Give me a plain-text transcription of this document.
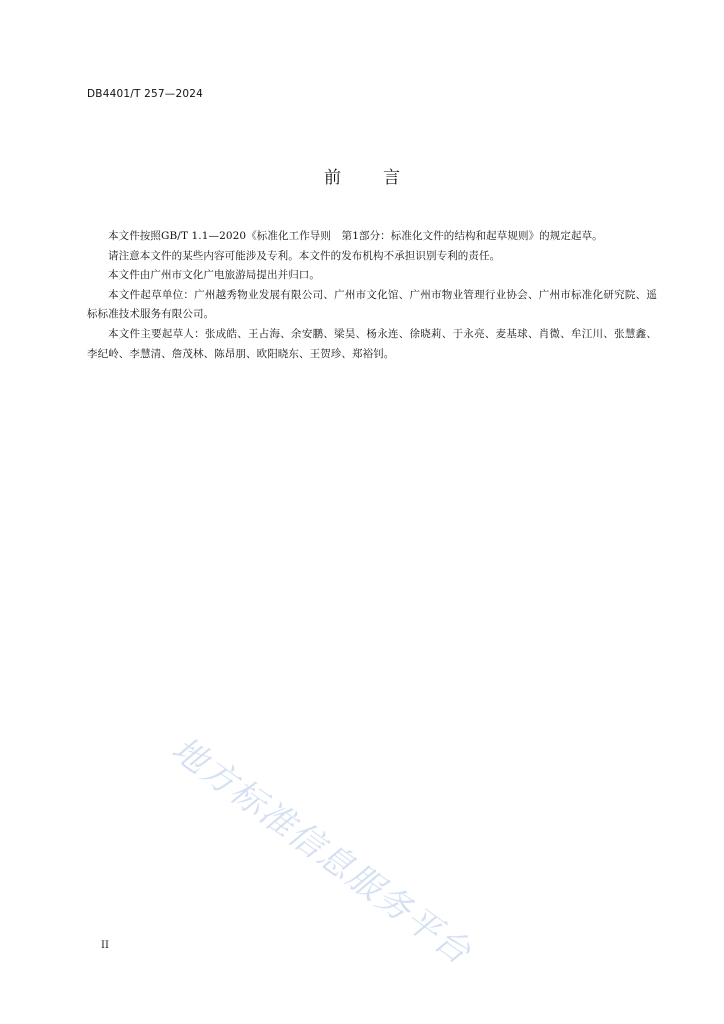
DB4401/T 257—2024
前 言

本文件按照GB/T 1.1—2020《标准化工作导则　第1部分：标准化文件的结构和起草规则》的规定起草。

请注意本文件的某些内容可能涉及专利。本文件的发布机构不承担识别专利的责任。

本文件由广州市文化广电旅游局提出并归口。

本文件起草单位：广州越秀物业发展有限公司、广州市文化馆、广州市物业管理行业协会、广州市标准化研究院、遥标标准技术服务有限公司。

本文件主要起草人：张成皓、王占海、余安鹏、梁昊、杨永连、徐晓莉、于永亮、麦基球、肖微、牟江川、张慧鑫、李纪岭、李慧清、詹茂林、陈昂朋、欧阳晓东、王贺珍、郑裕钊。

地方标准信息服务平台
II
